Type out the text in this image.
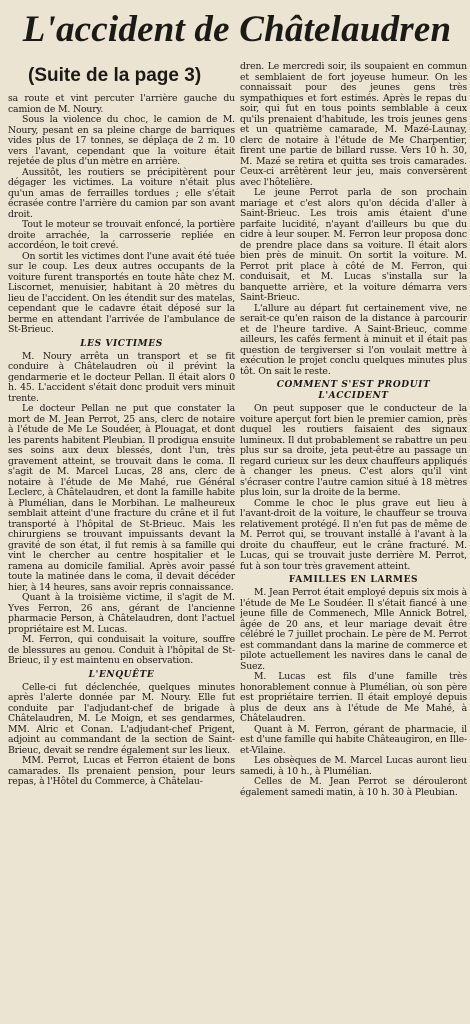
L'accident de Châtelaudren
(Suite de la page 3)

sa route et vint percuter l'arrière gauche du camion de M. Noury.

Sous la violence du choc, le camion de M. Noury, pesant en sa pleine charge de barriques vides plus de 17 tonnes, se déplaça de 2 m. 10 vers l'avant, cependant que la voiture était rejetée de plus d'un mètre en arrière.

Aussitôt, les routiers se précipitèrent pour dégager les victimes. La voiture n'était plus qu'un amas de ferrailles tordues ; elle s'était écrasée contre l'arrière du camion par son avant droit.

Tout le moteur se trouvait enfoncé, la portière droite arrachée, la carrosserie repliée en accordéon, le toit crevé.

On sortit les victimes dont l'une avait été tuée sur le coup. Les deux autres occupants de la voiture furent transportés en toute hâte chez M. Liscornet, menuisier, habitant à 20 mètres du lieu de l'accident. On les étendit sur des matelas, cependant que le cadavre était déposé sur la berme en attendant l'arrivée de l'ambulance de St-Brieuc.

LES VICTIMES

M. Noury arrêta un transport et se fit conduire à Châtelaudren où il prévint la gendarmerie et le docteur Pellan. Il était alors 0 h. 45. L'accident s'était donc produit vers minuit trente.

Le docteur Pellan ne put que constater la mort de M. Jean Perrot, 25 ans, clerc de notaire à l'étude de Me Le Soudéer, à Plouagat, et dont les parents habitent Pleubian. Il prodigua ensuite ses soins aux deux blessés, dont l'un, très gravement atteint, se trouvait dans le coma. Il s'agit de M. Marcel Lucas, 28 ans, clerc de notaire à l'étude de Me Mahé, rue Général Leclerc, à Châtelaudren, et dont la famille habite à Plumélian, dans le Morbihan. Le malheureux semblait atteint d'une fracture du crâne et il fut transporté à l'hôpital de St-Brieuc. Mais les chirurgiens se trouvant impuissants devant la gravité de son état, il fut remis à sa famille qui vint le chercher au centre hospitalier et le ramena au domicile familial. Après avoir passé toute la matinée dans le coma, il devait décéder hier, à 14 heures, sans avoir repris connaissance.

Quant à la troisième victime, il s'agit de M. Yves Ferron, 26 ans, gérant de l'ancienne pharmacie Person, à Châtelaudren, dont l'actuel propriétaire est M. Lucas.

M. Ferron, qui conduisait la voiture, souffre de blessures au genou. Conduit à l'hôpital de St-Brieuc, il y est maintenu en observation.

L'ENQUÊTE

Celle-ci fut déclenchée, quelques minutes après l'alerte donnée par M. Noury. Elle fut conduite par l'adjudant-chef de brigade à Châtelaudren, M. Le Moign, et ses gendarmes, MM. Alric et Conan. L'adjudant-chef Prigent, adjoint au commandant de la section de Saint-Brieuc, devait se rendre également sur les lieux.

MM. Perrot, Lucas et Ferron étaient de bons camarades. Ils prenaient pension, pour leurs repas, à l'Hôtel du Commerce, à Châtelau-

dren. Le mercredi soir, ils soupaient en commun et semblaient de fort joyeuse humeur. On les connaissait pour des jeunes gens très sympathiques et fort estimés. Après le repas du soir, qui fut en tous points semblable à ceux qu'ils prenaient d'habitude, les trois jeunes gens et un quatrième camarade, M. Mazé-Launay, clerc de notaire à l'étude de Me Charpentier, firent une partie de billard russe. Vers 10 h. 30, M. Mazé se retira et quitta ses trois camarades. Ceux-ci arrêtèrent leur jeu, mais conversèrent avec l'hôtelière.

Le jeune Perrot parla de son prochain mariage et c'est alors qu'on décida d'aller à Saint-Brieuc. Les trois amis étaient d'une parfaite lucidité, n'ayant d'ailleurs bu que du cidre à leur souper. M. Ferron leur proposa donc de prendre place dans sa voiture. Il était alors bien près de minuit. On sortit la voiture. M. Perrot prit place à côté de M. Ferron, qui conduisait, et M. Lucas s'installa sur la banquette arrière, et la voiture démarra vers Saint-Brieuc.

L'allure au départ fut certainement vive, ne serait-ce qu'en raison de la distance à parcourir et de l'heure tardive. A Saint-Brieuc, comme ailleurs, les cafés ferment à minuit et il était pas question de tergiverser si l'on voulait mettre à exécution le projet conclu quelques minutes plus tôt. On sait le reste.

COMMENT S'EST PRODUIT L'ACCIDENT

On peut supposer que le conducteur de la voiture aperçut fort bien le premier camion, près duquel les routiers faisaient des signaux lumineux. Il dut probablement se rabattre un peu plus sur sa droite, jeta peut-être au passage un regard curieux sur les deux chauffeurs appliqués à changer les pneus. C'est alors qu'il vint s'écraser contre l'autre camion situé à 18 mètres plus loin, sur la droite de la berme.

Comme le choc le plus grave eut lieu à l'avant-droit de la voiture, le chauffeur se trouva relativement protégé. Il n'en fut pas de même de M. Perrot qui, se trouvant installé à l'avant à la droite du chauffeur, eut le crâne fracturé. M. Lucas, qui se trouvait juste derrière M. Perrot, fut à son tour très gravement atteint.

FAMILLES EN LARMES

M. Jean Perrot était employé depuis six mois à l'étude de Me Le Soudéer. Il s'était fiancé à une jeune fille de Commenech, Mlle Annick Botrel, âgée de 20 ans, et leur mariage devait être célébré le 7 juillet prochain. Le père de M. Perrot est commandant dans la marine de commerce et pilote actuellement les navires dans le canal de Suez.

M. Lucas est fils d'une famille très honorablement connue à Plumélian, où son père est propriétaire terrien. Il était employé depuis plus de deux ans à l'étude de Me Mahé, à Châtelaudren.

Quant à M. Ferron, gérant de pharmacie, il est d'une famille qui habite Châteaugiron, en Ille-et-Vilaine.

Les obsèques de M. Marcel Lucas auront lieu samedi, à 10 h., à Plumélian.

Celles de M. Jean Perrot se dérouleront également samedi matin, à 10 h. 30 à Pleubian.
